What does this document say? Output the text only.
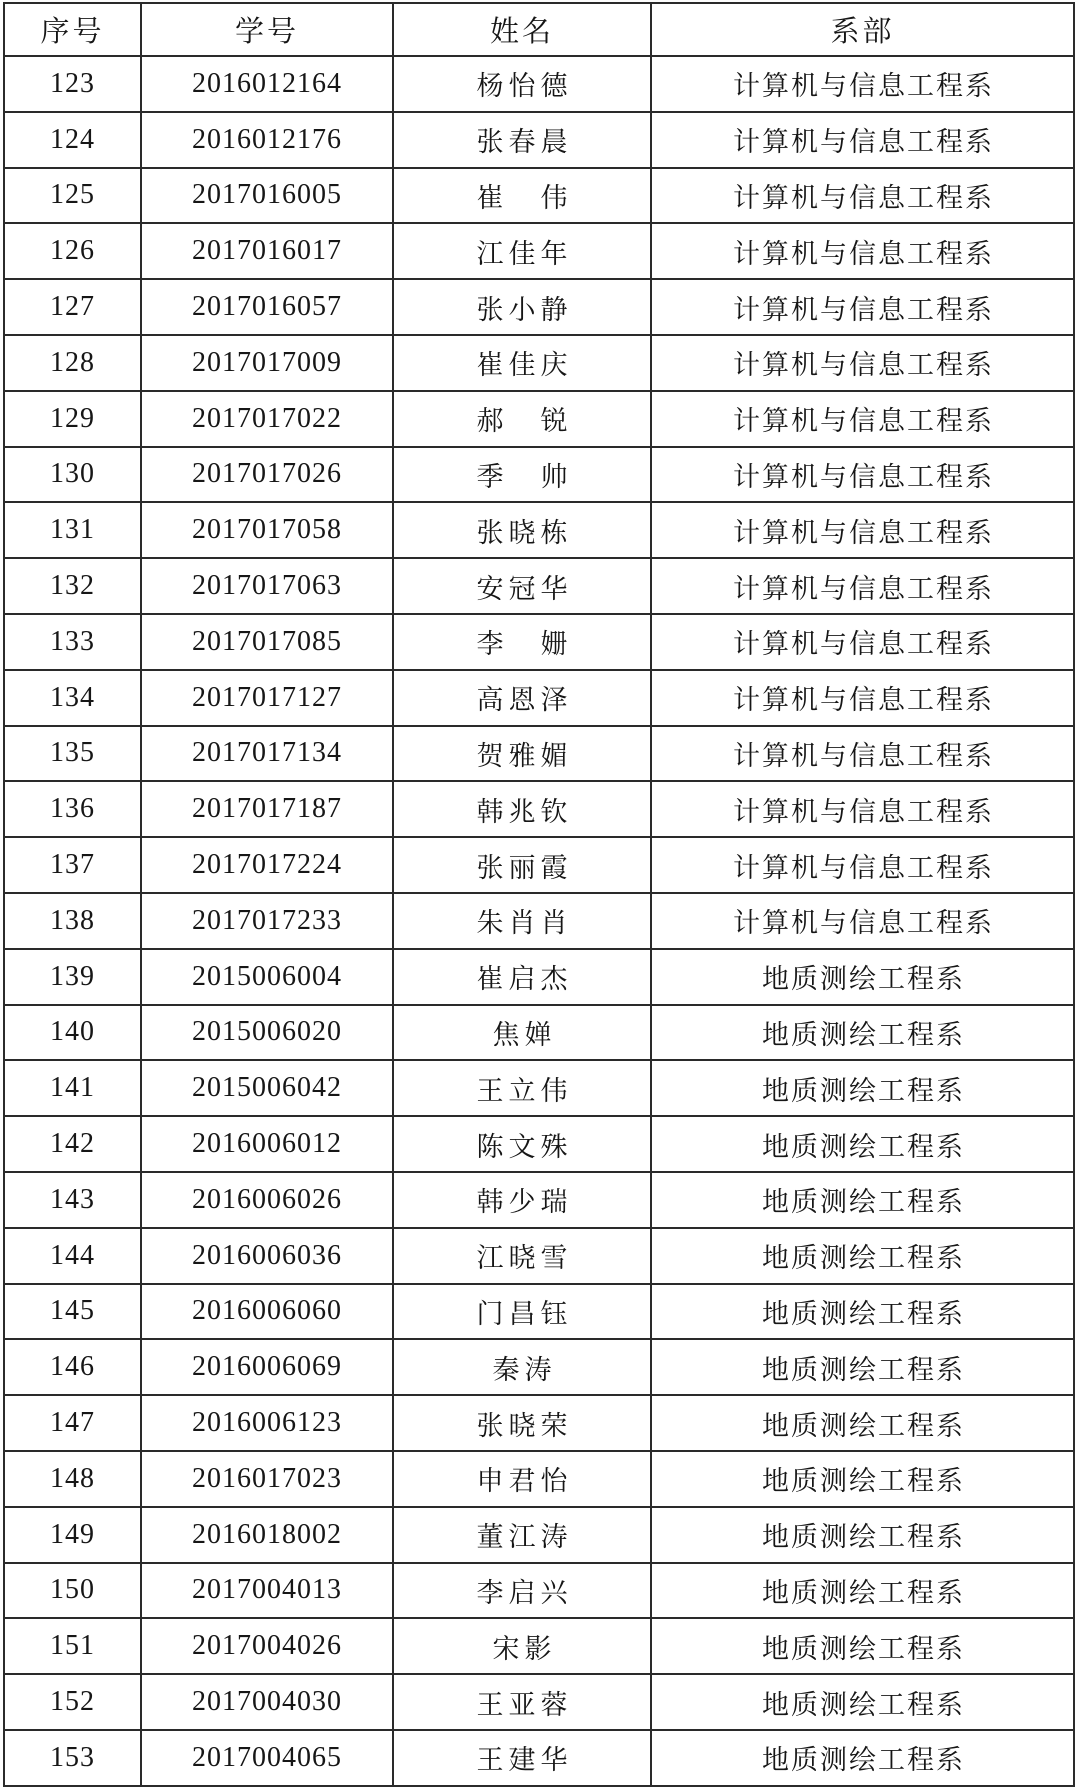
序号	学号	姓名	系部
123	2016012164	杨怡德	计算机与信息工程系
124	2016012176	张春晨	计算机与信息工程系
125	2017016005	崔　伟	计算机与信息工程系
126	2017016017	江佳年	计算机与信息工程系
127	2017016057	张小静	计算机与信息工程系
128	2017017009	崔佳庆	计算机与信息工程系
129	2017017022	郝　锐	计算机与信息工程系
130	2017017026	季　帅	计算机与信息工程系
131	2017017058	张晓栋	计算机与信息工程系
132	2017017063	安冠华	计算机与信息工程系
133	2017017085	李　姗	计算机与信息工程系
134	2017017127	高恩泽	计算机与信息工程系
135	2017017134	贺雅媚	计算机与信息工程系
136	2017017187	韩兆钦	计算机与信息工程系
137	2017017224	张丽霞	计算机与信息工程系
138	2017017233	朱肖肖	计算机与信息工程系
139	2015006004	崔启杰	地质测绘工程系
140	2015006020	焦婵	地质测绘工程系
141	2015006042	王立伟	地质测绘工程系
142	2016006012	陈文殊	地质测绘工程系
143	2016006026	韩少瑞	地质测绘工程系
144	2016006036	江晓雪	地质测绘工程系
145	2016006060	门昌钰	地质测绘工程系
146	2016006069	秦涛	地质测绘工程系
147	2016006123	张晓荣	地质测绘工程系
148	2016017023	申君怡	地质测绘工程系
149	2016018002	董江涛	地质测绘工程系
150	2017004013	李启兴	地质测绘工程系
151	2017004026	宋影	地质测绘工程系
152	2017004030	王亚蓉	地质测绘工程系
153	2017004065	王建华	地质测绘工程系
